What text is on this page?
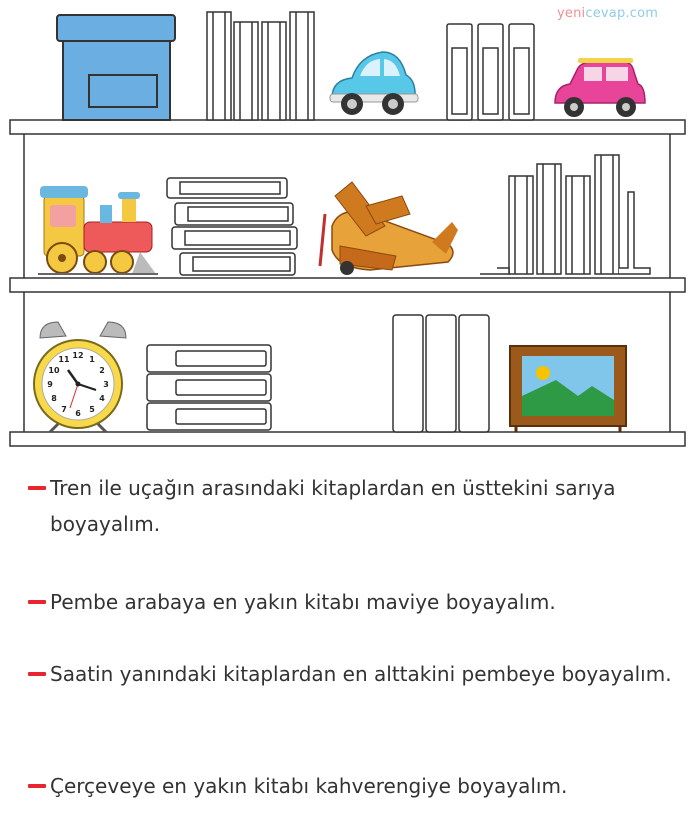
yenicevap.com
12 1
2
3
4
5
6
7
8
9
10
11
Tren ile uçağın arasındaki kitaplardan en üsttekini sarıya boyayalım.
Pembe arabaya en yakın kitabı maviye boyayalım.
Saatin yanındaki kitaplardan en alttakini pembeye boyayalım.
Çerçeveye en yakın kitabı kahverengiye boyayalım.
